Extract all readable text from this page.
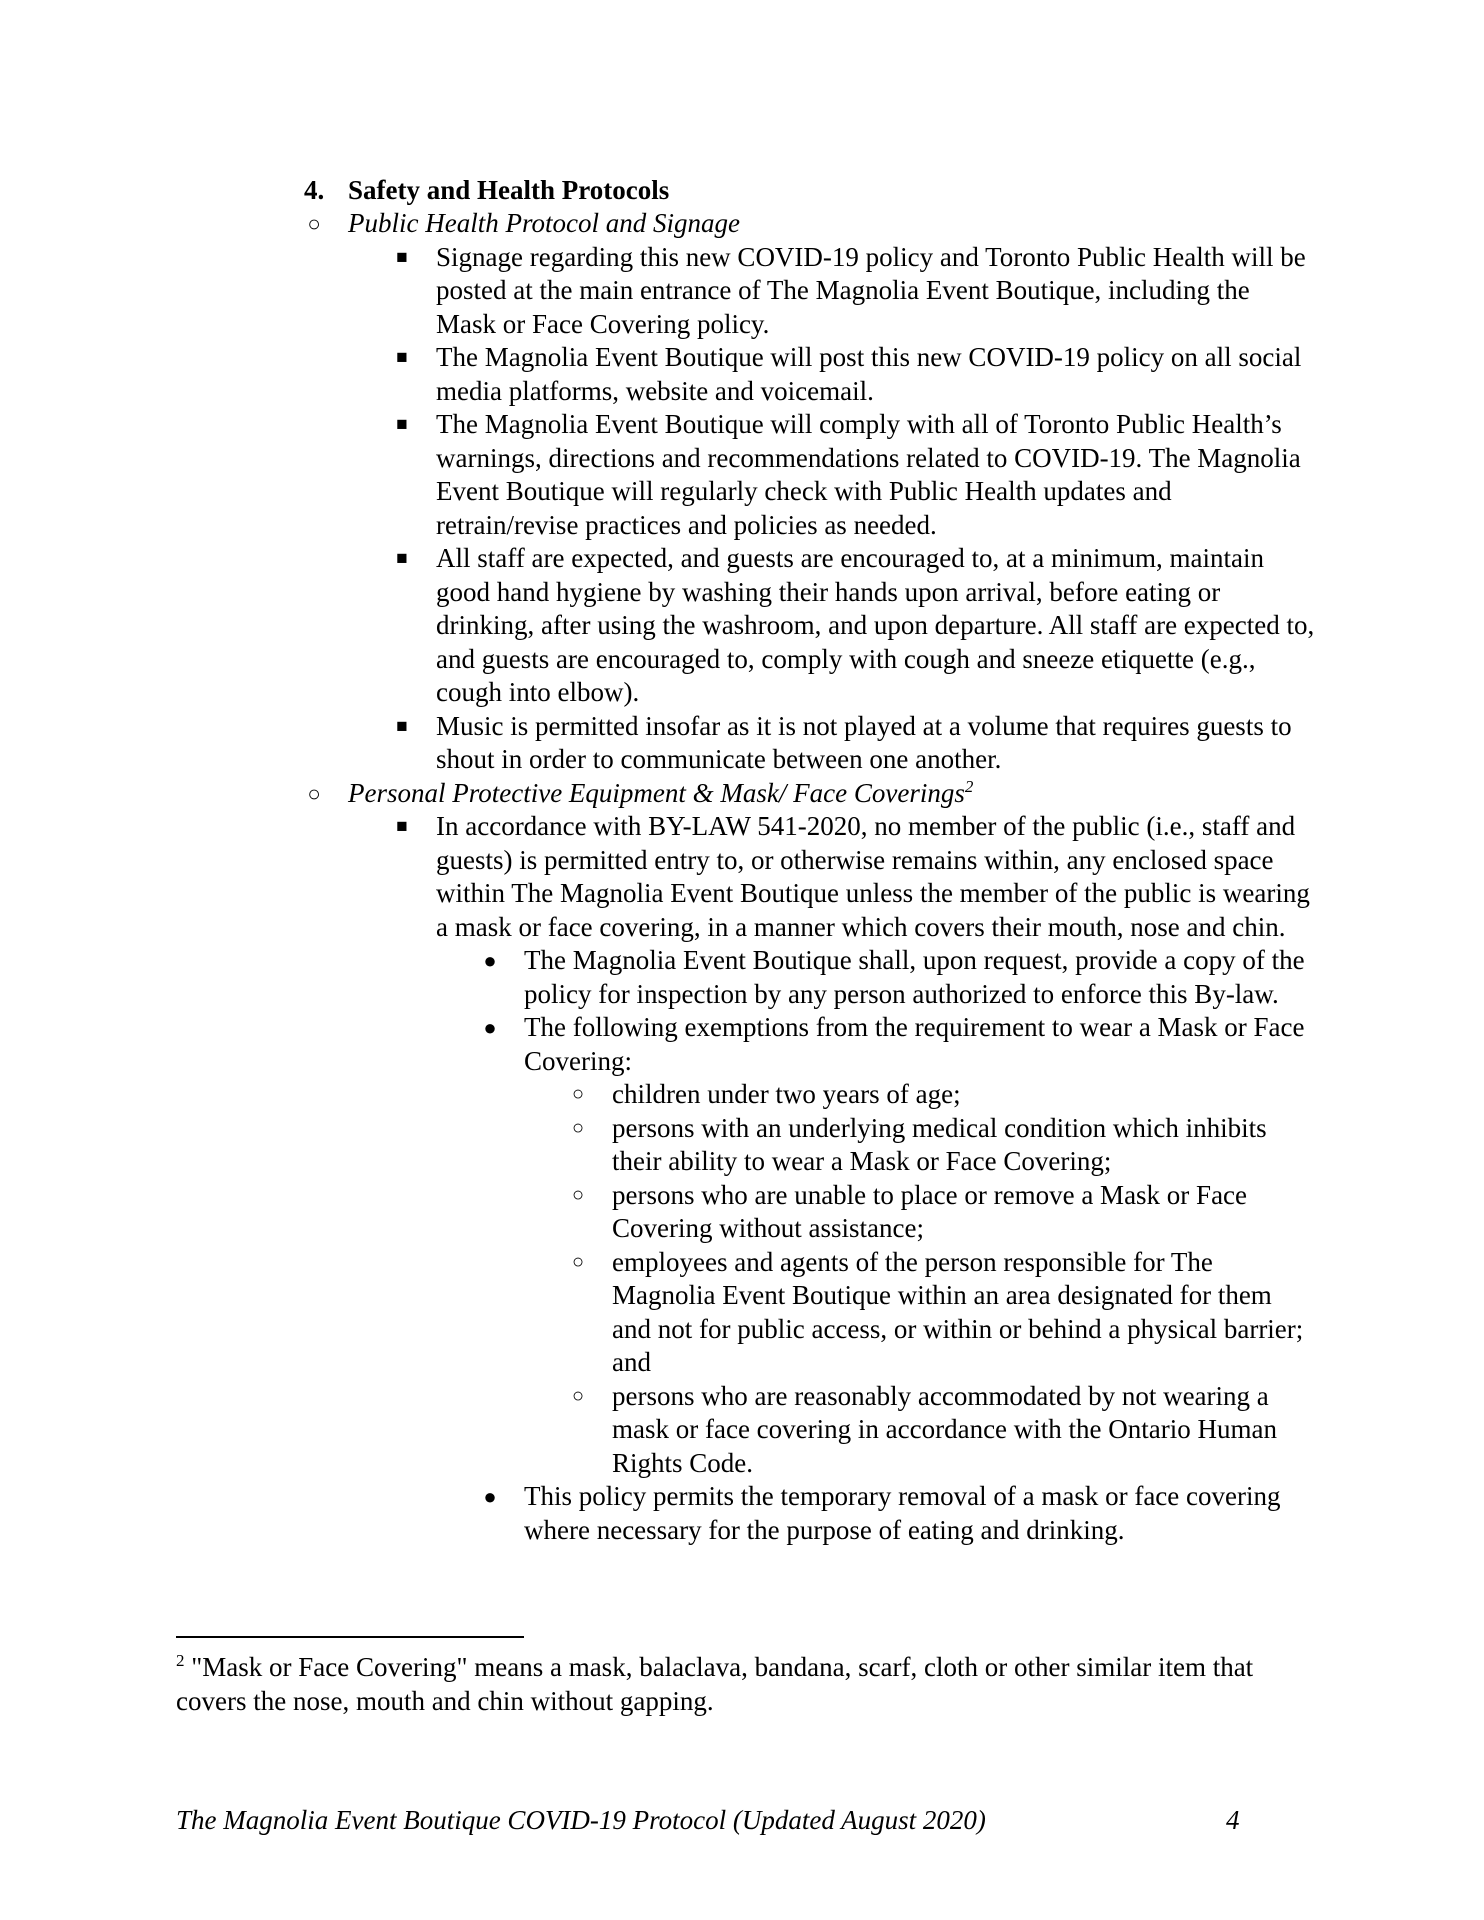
4. Safety and Health Protocols
○ Public Health Protocol and Signage
■ Signage regarding this new COVID-19 policy and Toronto Public Health will be posted at the main entrance of The Magnolia Event Boutique, including the Mask or Face Covering policy.
■ The Magnolia Event Boutique will post this new COVID-19 policy on all social media platforms, website and voicemail.
■ The Magnolia Event Boutique will comply with all of Toronto Public Health’s warnings, directions and recommendations related to COVID-19. The Magnolia Event Boutique will regularly check with Public Health updates and retrain/revise practices and policies as needed.
■ All staff are expected, and guests are encouraged to, at a minimum, maintain good hand hygiene by washing their hands upon arrival, before eating or drinking, after using the washroom, and upon departure. All staff are expected to, and guests are encouraged to, comply with cough and sneeze etiquette (e.g., cough into elbow).
■ Music is permitted insofar as it is not played at a volume that requires guests to shout in order to communicate between one another.
○ Personal Protective Equipment & Mask/ Face Coverings$^2$
■ In accordance with BY-LAW 541-2020, no member of the public (i.e., staff and guests) is permitted entry to, or otherwise remains within, any enclosed space within The Magnolia Event Boutique unless the member of the public is wearing a mask or face covering, in a manner which covers their mouth, nose and chin.
● The Magnolia Event Boutique shall, upon request, provide a copy of the policy for inspection by any person authorized to enforce this By-law.
● The following exemptions from the requirement to wear a Mask or Face Covering:
○ children under two years of age;
○ persons with an underlying medical condition which inhibits their ability to wear a Mask or Face Covering;
○ persons who are unable to place or remove a Mask or Face Covering without assistance;
○ employees and agents of the person responsible for The Magnolia Event Boutique within an area designated for them and not for public access, or within or behind a physical barrier; and
○ persons who are reasonably accommodated by not wearing a mask or face covering in accordance with the Ontario Human Rights Code.
● This policy permits the temporary removal of a mask or face covering where necessary for the purpose of eating and drinking.
$^2$ "Mask or Face Covering" means a mask, balaclava, bandana, scarf, cloth or other similar item that covers the nose, mouth and chin without gapping.
The Magnolia Event Boutique COVID-19 Protocol (Updated August 2020)	4
